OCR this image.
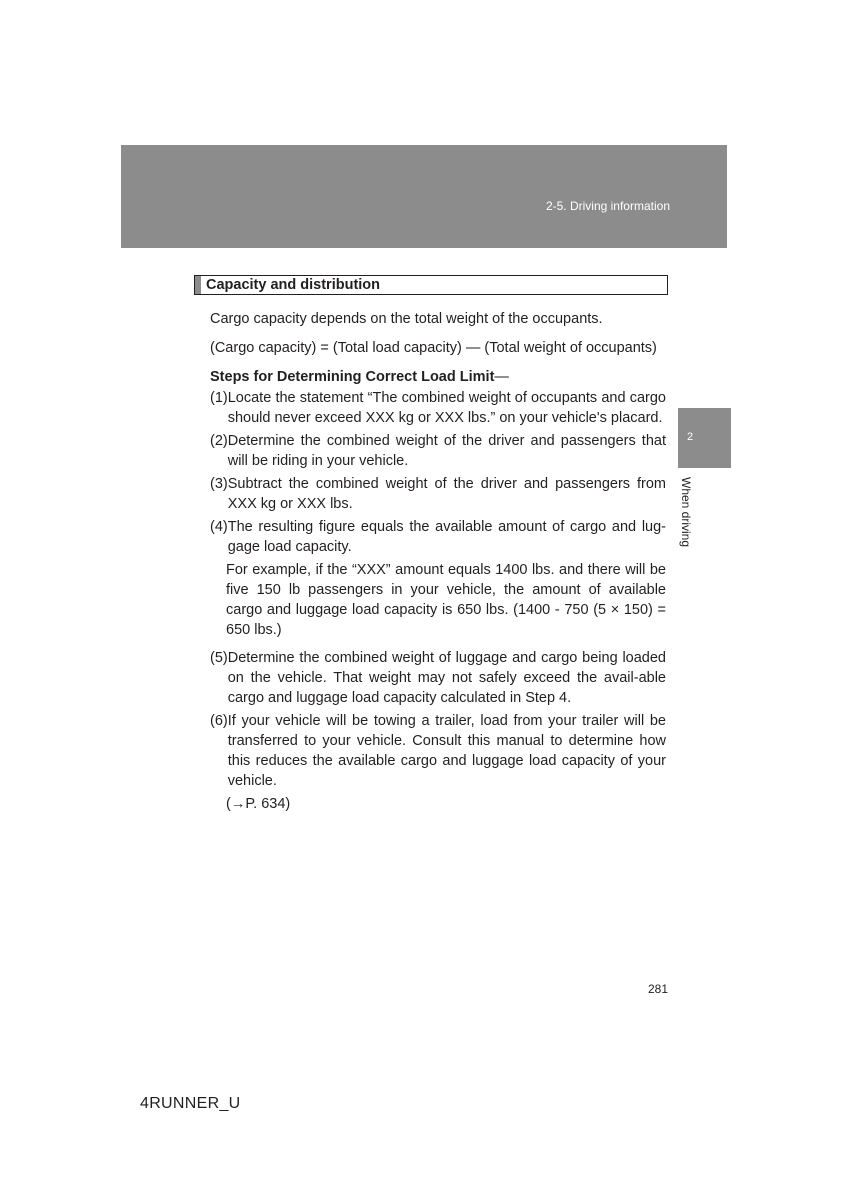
2-5. Driving information
2
When driving
Capacity and distribution

Cargo capacity depends on the total weight of the occupants.

(Cargo capacity) = (Total load capacity) — (Total weight of occupants)

Steps for Determining Correct Load Limit—

(1) Locate the statement “The combined weight of occupants and cargo should never exceed XXX kg or XXX lbs.” on your vehicle's placard.
(2) Determine the combined weight of the driver and passengers that will be riding in your vehicle.
(3) Subtract the combined weight of the driver and passengers from XXX kg or XXX lbs.
(4) The resulting figure equals the available amount of cargo and lug-gage load capacity.

For example, if the “XXX” amount equals 1400 lbs. and there will be five 150 lb passengers in your vehicle, the amount of available cargo and luggage load capacity is 650 lbs. (1400 - 750 (5 × 150) = 650 lbs.)

(5) Determine the combined weight of luggage and cargo being loaded on the vehicle. That weight may not safely exceed the avail-able cargo and luggage load capacity calculated in Step 4.
(6) If your vehicle will be towing a trailer, load from your trailer will be transferred to your vehicle. Consult this manual to determine how this reduces the available cargo and luggage load capacity of your vehicle.

(→P. 634)

281
4RUNNER_U
